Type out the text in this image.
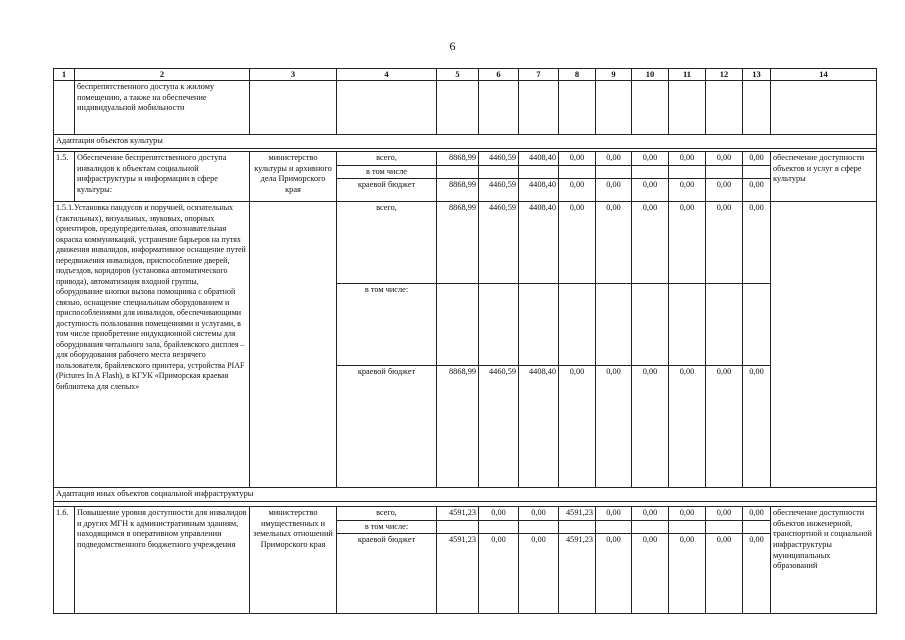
6
1	2	3	4	5	6	7	8	9	10	11	12	13	14
	беспрепятственного доступа к жилому помещению, а также на обеспечение индивидуальной мобильности												
Адаптация объектов культуры													

1.5.	Обеспечение беспрепятственного доступа инвалидов к объектам социальной инфраструктуры и информации в сфере культуры:	министерство культуры и архивного дела Приморского края	всего,	8868,99	4460,59	4408,40	0,00	0,00	0,00	0,00	0,00	0,00	обеспечение доступности объектов и услуг в сфере культуры
			в том числе										
			краевой бюджет	8868,99	4460,59	4408,40	0,00	0,00	0,00	0,00	0,00	0,00	
1.5.1.Установка пандусов и поручней, осязательных (тактильных), визуальных, звуковых, опорных ориентиров, предупредительная, опознавательная окраска коммуникаций, устранение барьеров на путях движения инвалидов, информативное оснащение путей передвижения инвалидов, приспособление дверей, подъездов, коридоров (установка автоматического привода), автоматизация входной группы, оборудование кнопки вызова помощника с обратной связью, оснащение специальным оборудованием и приспособлениями для инвалидов, обеспечивающими доступность пользования помещениями и услугами, в том числе приобретение индукционной системы для оборудования читального зала, брайлевского дисплея – для оборудования рабочего места незрячего пользователя, брайлевского принтера, устройства PIAF (Pictures In A Flash), в КГУК «Приморская краевая библиотека для слепых»			всего,	8868,99	4460,59	4408,40	0,00	0,00	0,00	0,00	0,00	0,00	
			в том числе:										
			краевой бюджет	8868,99	4460,59	4408,40	0,00	0,00	0,00	0,00	0,00	0,00	
Адаптация иных объектов социальной инфраструктуры													

1.6.	Повышение уровня доступности для инвалидов и других МГН к административным зданиям, находящимся в оперативном управлении подведомственного бюджетного учреждения	министерство имущественных и земельных отношений Приморского края	всего,	4591,23	0,00	0,00	4591,23	0,00	0,00	0,00	0,00	0,00	обеспечение доступности объектов инженерной, транспортной и социальной инфраструктуры муниципальных образований
			в том числе:										
			краевой бюджет	4591,23	0,00	0,00	4591,23	0,00	0,00	0,00	0,00	0,00	
